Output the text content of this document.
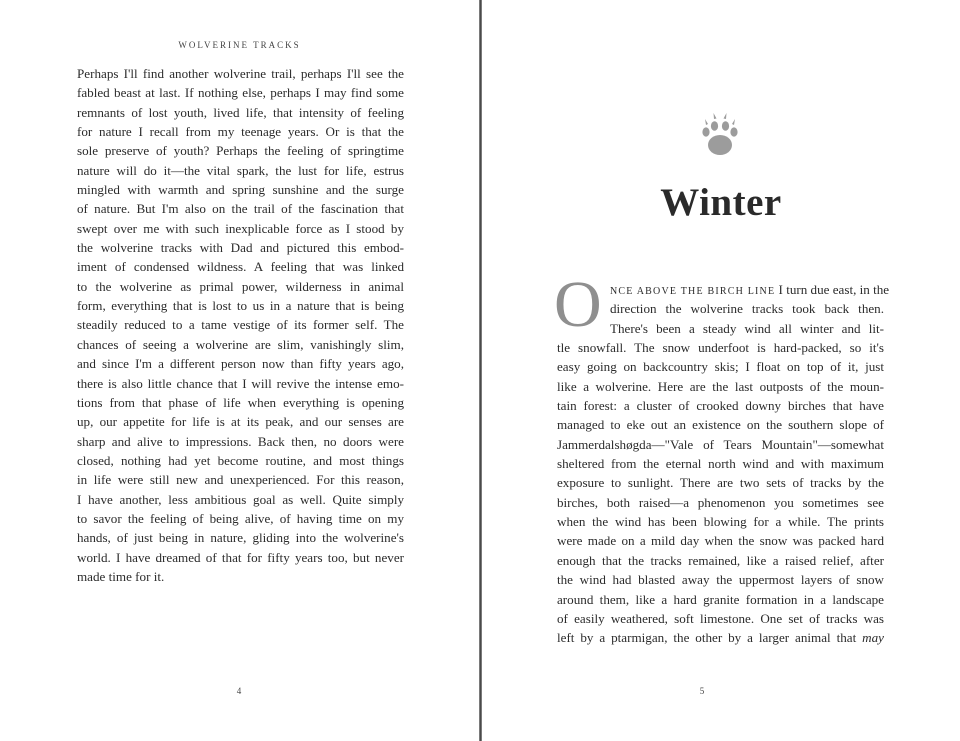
WOLVERINE TRACKS
Perhaps I'll find another wolverine trail, perhaps I'll see the
fabled beast at last. If nothing else, perhaps I may find some
remnants of lost youth, lived life, that intensity of feeling
for nature I recall from my teenage years. Or is that the
sole preserve of youth? Perhaps the feeling of springtime
nature will do it—the vital spark, the lust for life, estrus
mingled with warmth and spring sunshine and the surge
of nature. But I'm also on the trail of the fascination that
swept over me with such inexplicable force as I stood by
the wolverine tracks with Dad and pictured this embod-
iment of condensed wildness. A feeling that was linked
to the wolverine as primal power, wilderness in animal
form, everything that is lost to us in a nature that is being
steadily reduced to a tame vestige of its former self. The
chances of seeing a wolverine are slim, vanishingly slim,
and since I'm a different person now than fifty years ago,
there is also little chance that I will revive the intense emo-
tions from that phase of life when everything is opening
up, our appetite for life is at its peak, and our senses are
sharp and alive to impressions. Back then, no doors were
closed, nothing had yet become routine, and most things
in life were still new and unexperienced. For this reason,
I have another, less ambitious goal as well. Quite simply
to savor the feeling of being alive, of having time on my
hands, of just being in nature, gliding into the wolverine's
world. I have dreamed of that for fifty years too, but never
made time for it.
4
Winter
O NCE ABOVE THE BIRCH LINE I turn due east, in the
direction the wolverine tracks took back then.
There's been a steady wind all winter and lit-
tle snowfall. The snow underfoot is hard-packed, so it's
easy going on backcountry skis; I float on top of it, just
like a wolverine. Here are the last outposts of the moun-
tain forest: a cluster of crooked downy birches that have
managed to eke out an existence on the southern slope of
Jammerdalshøgda—"Vale of Tears Mountain"—somewhat
sheltered from the eternal north wind and with maximum
exposure to sunlight. There are two sets of tracks by the
birches, both raised—a phenomenon you sometimes see
when the wind has been blowing for a while. The prints
were made on a mild day when the snow was packed hard
enough that the tracks remained, like a raised relief, after
the wind had blasted away the uppermost layers of snow
around them, like a hard granite formation in a landscape
of easily weathered, soft limestone. One set of tracks was
left by a ptarmigan, the other by a larger animal that may
5
